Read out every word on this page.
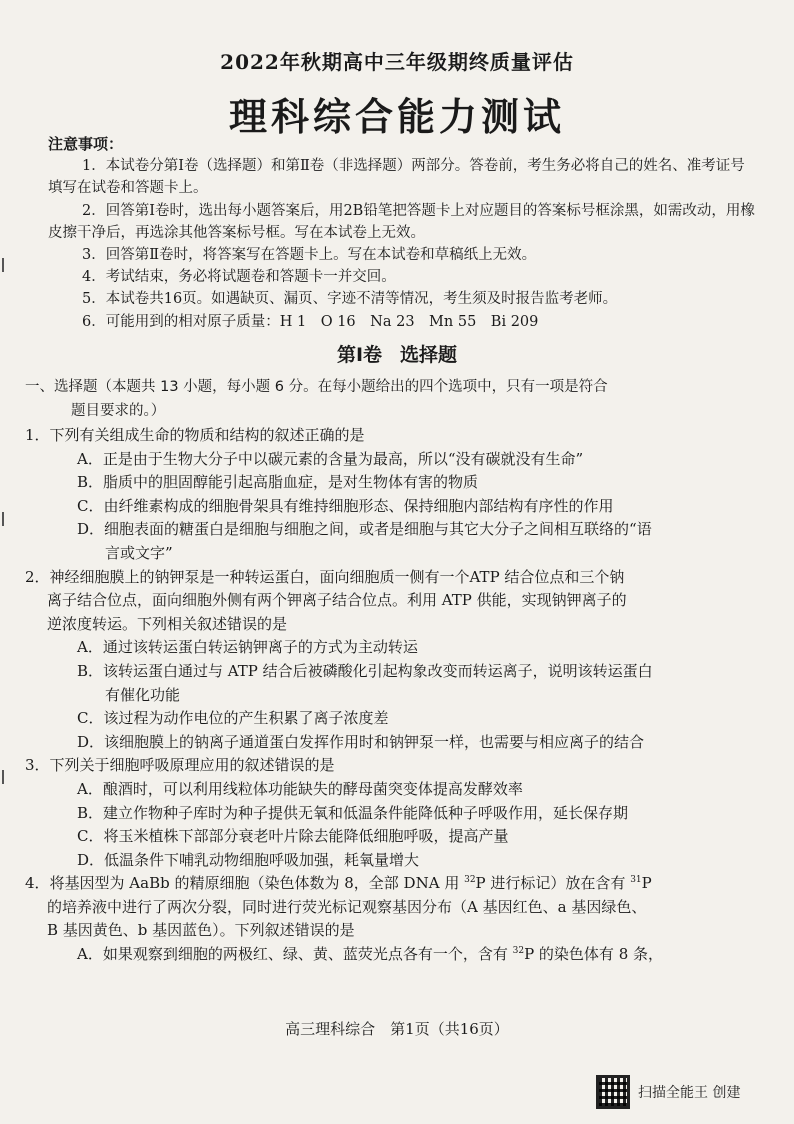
2022年秋期高中三年级期终质量评估
理科综合能力测试
注意事项：
1．本试卷分第Ⅰ卷（选择题）和第Ⅱ卷（非选择题）两部分。答卷前，考生务必将自己的姓名、准考证号填写在试卷和答题卡上。
2．回答第Ⅰ卷时，选出每小题答案后，用2B铅笔把答题卡上对应题目的答案标号框涂黑，如需改动，用橡皮擦干净后，再选涂其他答案标号框。写在本试卷上无效。
3．回答第Ⅱ卷时，将答案写在答题卡上。写在本试卷和草稿纸上无效。
4．考试结束，务必将试题卷和答题卡一并交回。
5．本试卷共16页。如遇缺页、漏页、字迹不清等情况，考生须及时报告监考老师。
6．可能用到的相对原子质量：H 1　O 16　Na 23　Mn 55　Bi 209
第Ⅰ卷 选择题
一、选择题（本题共 13 小题，每小题 6 分。在每小题给出的四个选项中，只有一项是符合
题目要求的。）
1．下列有关组成生命的物质和结构的叙述正确的是
A．正是由于生物大分子中以碳元素的含量为最高，所以“没有碳就没有生命”
B．脂质中的胆固醇能引起高脂血症，是对生物体有害的物质
C．由纤维素构成的细胞骨架具有维持细胞形态、保持细胞内部结构有序性的作用
D．细胞表面的糖蛋白是细胞与细胞之间，或者是细胞与其它大分子之间相互联络的“语
言或文字”
2．神经细胞膜上的钠钾泵是一种转运蛋白，面向细胞质一侧有一个ATP 结合位点和三个钠
离子结合位点，面向细胞外侧有两个钾离子结合位点。利用 ATP 供能，实现钠钾离子的
逆浓度转运。下列相关叙述错误的是
A．通过该转运蛋白转运钠钾离子的方式为主动转运
B．该转运蛋白通过与 ATP 结合后被磷酸化引起构象改变而转运离子，说明该转运蛋白
有催化功能
C．该过程为动作电位的产生积累了离子浓度差
D．该细胞膜上的钠离子通道蛋白发挥作用时和钠钾泵一样，也需要与相应离子的结合
3．下列关于细胞呼吸原理应用的叙述错误的是
A．酿酒时，可以利用线粒体功能缺失的酵母菌突变体提高发酵效率
B．建立作物种子库时为种子提供无氧和低温条件能降低种子呼吸作用，延长保存期
C．将玉米植株下部部分衰老叶片除去能降低细胞呼吸，提高产量
D．低温条件下哺乳动物细胞呼吸加强，耗氧量增大
4．将基因型为 AaBb 的精原细胞（染色体数为 8，全部 DNA 用 $^{32}$P 进行标记）放在含有 $^{31}$P
的培养液中进行了两次分裂，同时进行荧光标记观察基因分布（A 基因红色、a 基因绿色、
B 基因黄色、b 基因蓝色）。下列叙述错误的是
A．如果观察到细胞的两极红、绿、黄、蓝荧光点各有一个，含有 $^{32}$P 的染色体有 8 条，
高三理科综合　第1页（共16页）
扫描全能王 创建
